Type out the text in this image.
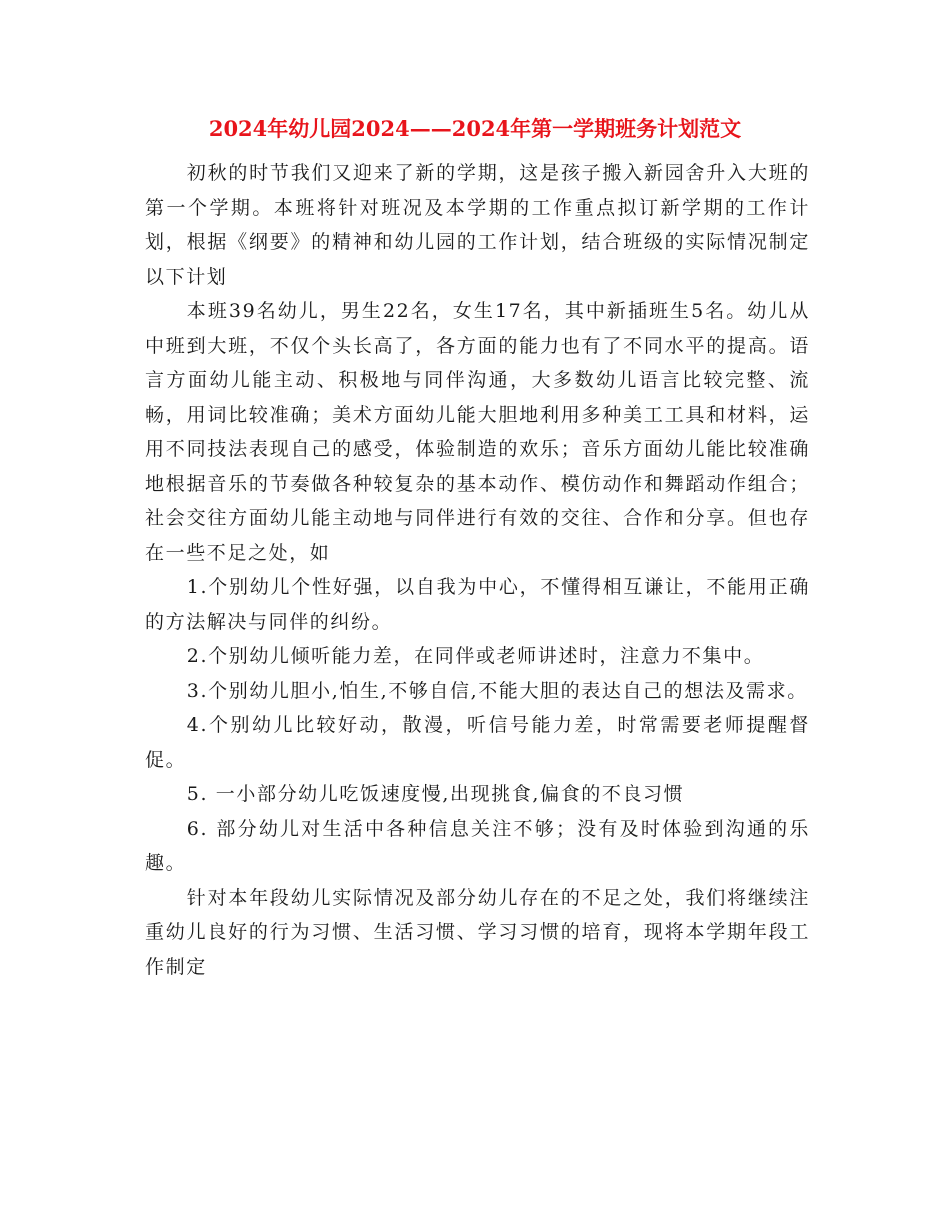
2024年幼儿园2024——2024年第一学期班务计划范文

初秋的时节我们又迎来了新的学期，这是孩子搬入新园舍升入大班的第一个学期。本班将针对班况及本学期的工作重点拟订新学期的工作计划，根据《纲要》的精神和幼儿园的工作计划，结合班级的实际情况制定以下计划

本班39名幼儿，男生22名，女生17名，其中新插班生5名。幼儿从中班到大班，不仅个头长高了，各方面的能力也有了不同水平的提高。语言方面幼儿能主动、积极地与同伴沟通，大多数幼儿语言比较完整、流畅，用词比较准确；美术方面幼儿能大胆地利用多种美工工具和材料，运用不同技法表现自己的感受，体验制造的欢乐；音乐方面幼儿能比较准确地根据音乐的节奏做各种较复杂的基本动作、模仿动作和舞蹈动作组合；社会交往方面幼儿能主动地与同伴进行有效的交往、合作和分享。但也存在一些不足之处，如

1.个别幼儿个性好强，以自我为中心，不懂得相互谦让，不能用正确的方法解决与同伴的纠纷。

2.个别幼儿倾听能力差，在同伴或老师讲述时，注意力不集中。

3.个别幼儿胆小,怕生,不够自信,不能大胆的表达自己的想法及需求。

4.个别幼儿比较好动，散漫，听信号能力差，时常需要老师提醒督促。

5. 一小部分幼儿吃饭速度慢,出现挑食,偏食的不良习惯

6. 部分幼儿对生活中各种信息关注不够；没有及时体验到沟通的乐趣。

针对本年段幼儿实际情况及部分幼儿存在的不足之处，我们将继续注重幼儿良好的行为习惯、生活习惯、学习习惯的培育，现将本学期年段工作制定
